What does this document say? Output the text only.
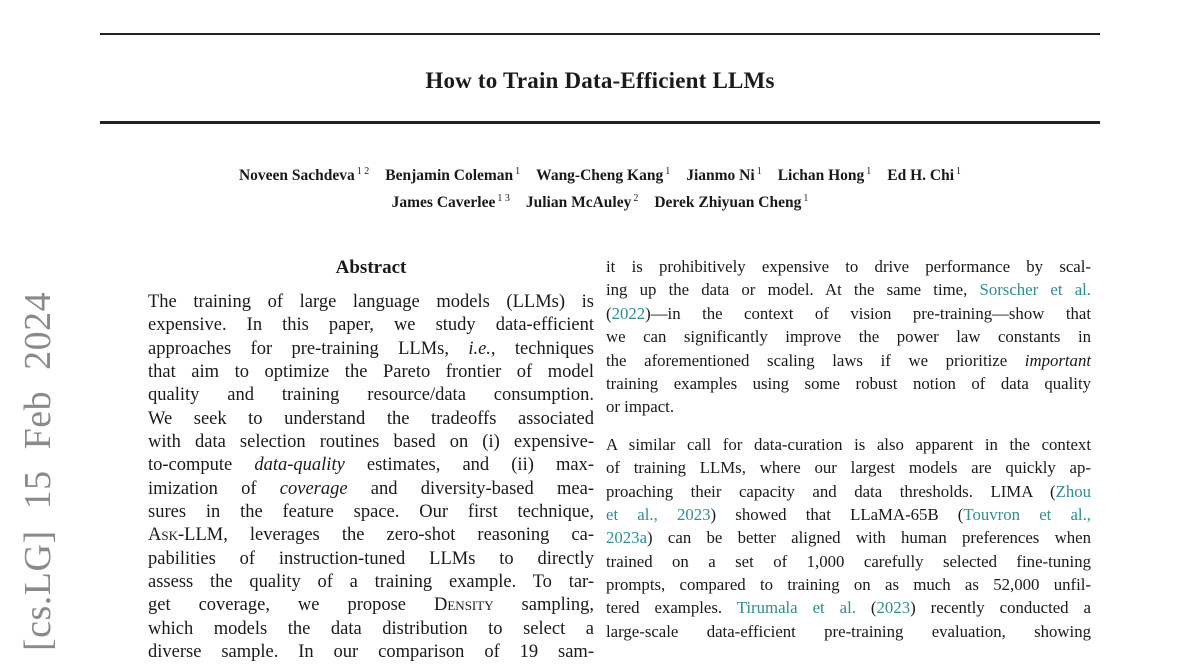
[cs.LG] 15 Feb 2024
How to Train Data-Efficient LLMs
Noveen Sachdeva $^{1 2}$ Benjamin Coleman $^1$ Wang-Cheng Kang $^1$ Jianmo Ni $^1$ Lichan Hong $^1$ Ed H. Chi $^1$
James Caverlee $^{1 3}$ Julian McAuley $^2$ Derek Zhiyuan Cheng $^1$
Abstract
The training of large language models (LLMs) is
expensive. In this paper, we study data-efficient
approaches for pre-training LLMs, i.e., techniques
that aim to optimize the Pareto frontier of model
quality and training resource/data consumption.
We seek to understand the tradeoffs associated
with data selection routines based on (i) expensive-
to-compute data-quality estimates, and (ii) max-
imization of coverage and diversity-based mea-
sures in the feature space. Our first technique,
Ask-LLM, leverages the zero-shot reasoning ca-
pabilities of instruction-tuned LLMs to directly
assess the quality of a training example. To tar-
get coverage, we propose Density sampling,
which models the data distribution to select a
diverse sample. In our comparison of 19 sam-
it is prohibitively expensive to drive performance by scal-
ing up the data or model. At the same time, Sorscher et al.
(2022)—in the context of vision pre-training—show that
we can significantly improve the power law constants in
the aforementioned scaling laws if we prioritize important
training examples using some robust notion of data quality
or impact.
A similar call for data-curation is also apparent in the context
of training LLMs, where our largest models are quickly ap-
proaching their capacity and data thresholds. LIMA (Zhou
et al., 2023) showed that LLaMA-65B (Touvron et al.,
2023a) can be better aligned with human preferences when
trained on a set of 1,000 carefully selected fine-tuning
prompts, compared to training on as much as 52,000 unfil-
tered examples. Tirumala et al. (2023) recently conducted a
large-scale data-efficient pre-training evaluation, showing
